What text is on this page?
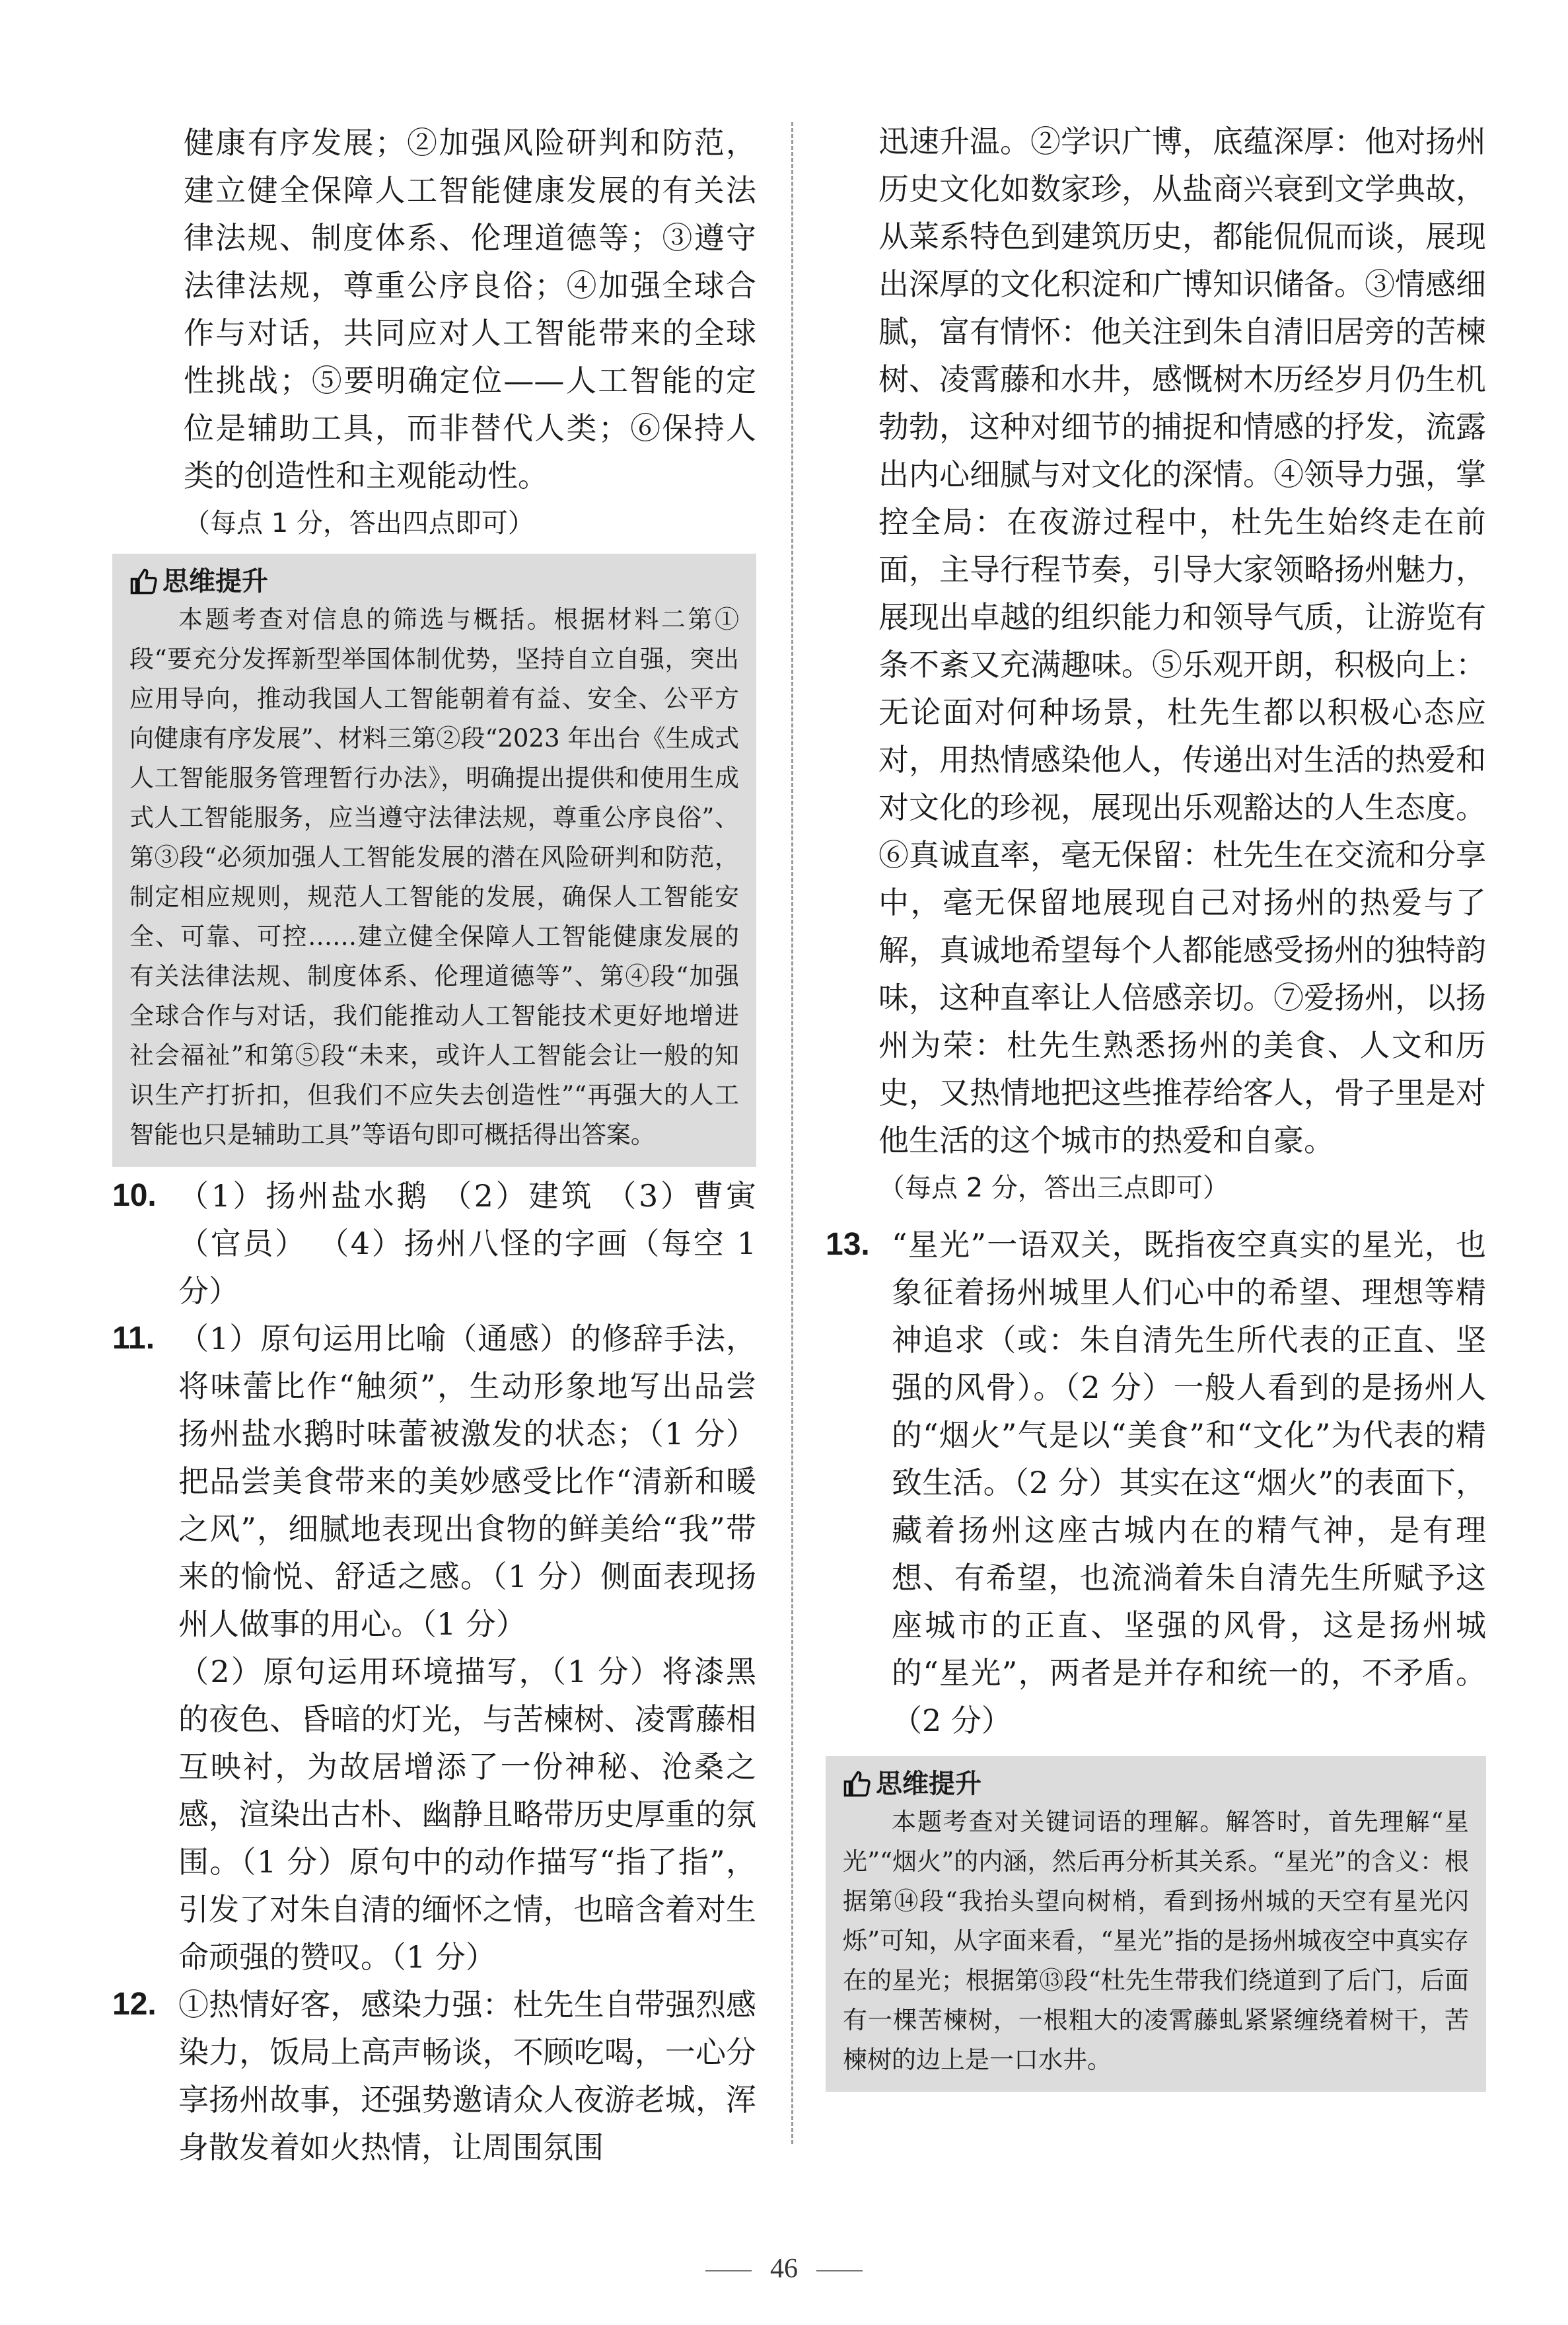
健康有序发展；②加强风险研判和防范，建立健全保障人工智能健康发展的有关法律法规、制度体系、伦理道德等；③遵守法律法规，尊重公序良俗；④加强全球合作与对话，共同应对人工智能带来的全球性挑战；⑤要明确定位——人工智能的定位是辅助工具，而非替代人类；⑥保持人类的创造性和主观能动性。

（每点 1 分，答出四点即可）

思维提升

本题考查对信息的筛选与概括。根据材料二第①段“要充分发挥新型举国体制优势，坚持自立自强，突出应用导向，推动我国人工智能朝着有益、安全、公平方向健康有序发展”、材料三第②段“2023 年出台《生成式人工智能服务管理暂行办法》，明确提出提供和使用生成式人工智能服务，应当遵守法律法规，尊重公序良俗”、第③段“必须加强人工智能发展的潜在风险研判和防范，制定相应规则，规范人工智能的发展，确保人工智能安全、可靠、可控……建立健全保障人工智能健康发展的有关法律法规、制度体系、伦理道德等”、第④段“加强全球合作与对话，我们能推动人工智能技术更好地增进社会福祉”和第⑤段“未来，或许人工智能会让一般的知识生产打折扣，但我们不应失去创造性”“再强大的人工智能也只是辅助工具”等语句即可概括得出答案。

10. （1）扬州盐水鹅 （2）建筑 （3）曹寅（官员） （4）扬州八怪的字画（每空 1 分）

11. （1）原句运用比喻（通感）的修辞手法，将味蕾比作“触须”，生动形象地写出品尝扬州盐水鹅时味蕾被激发的状态；（1 分）把品尝美食带来的美妙感受比作“清新和暖之风”，细腻地表现出食物的鲜美给“我”带来的愉悦、舒适之感。（1 分）侧面表现扬州人做事的用心。（1 分）

（2）原句运用环境描写，（1 分）将漆黑的夜色、昏暗的灯光，与苦楝树、凌霄藤相互映衬，为故居增添了一份神秘、沧桑之感，渲染出古朴、幽静且略带历史厚重的氛围。（1 分）原句中的动作描写“指了指”，引发了对朱自清的缅怀之情，也暗含着对生命顽强的赞叹。（1 分）

12. ①热情好客，感染力强：杜先生自带强烈感染力，饭局上高声畅谈，不顾吃喝，一心分享扬州故事，还强势邀请众人夜游老城，浑身散发着如火热情，让周围氛围

迅速升温。②学识广博，底蕴深厚：他对扬州历史文化如数家珍，从盐商兴衰到文学典故，从菜系特色到建筑历史，都能侃侃而谈，展现出深厚的文化积淀和广博知识储备。③情感细腻，富有情怀：他关注到朱自清旧居旁的苦楝树、凌霄藤和水井，感慨树木历经岁月仍生机勃勃，这种对细节的捕捉和情感的抒发，流露出内心细腻与对文化的深情。④领导力强，掌控全局：在夜游过程中，杜先生始终走在前面，主导行程节奏，引导大家领略扬州魅力，展现出卓越的组织能力和领导气质，让游览有条不紊又充满趣味。⑤乐观开朗，积极向上：无论面对何种场景，杜先生都以积极心态应对，用热情感染他人，传递出对生活的热爱和对文化的珍视，展现出乐观豁达的人生态度。⑥真诚直率，毫无保留：杜先生在交流和分享中，毫无保留地展现自己对扬州的热爱与了解，真诚地希望每个人都能感受扬州的独特韵味，这种直率让人倍感亲切。⑦爱扬州，以扬州为荣：杜先生熟悉扬州的美食、人文和历史，又热情地把这些推荐给客人，骨子里是对他生活的这个城市的热爱和自豪。

（每点 2 分，答出三点即可）

13. “星光”一语双关，既指夜空真实的星光，也象征着扬州城里人们心中的希望、理想等精神追求（或：朱自清先生所代表的正直、坚强的风骨）。（2 分）一般人看到的是扬州人的“烟火”气是以“美食”和“文化”为代表的精致生活。（2 分）其实在这“烟火”的表面下，藏着扬州这座古城内在的精气神，是有理想、有希望，也流淌着朱自清先生所赋予这座城市的正直、坚强的风骨，这是扬州城的“星光”，两者是并存和统一的，不矛盾。（2 分）

思维提升

本题考查对关键词语的理解。解答时，首先理解“星光”“烟火”的内涵，然后再分析其关系。“星光”的含义：根据第⑭段“我抬头望向树梢，看到扬州城的天空有星光闪烁”可知，从字面来看，“星光”指的是扬州城夜空中真实存在的星光；根据第⑬段“杜先生带我们绕道到了后门，后面有一棵苦楝树，一根粗大的凌霄藤虬紧紧缠绕着树干，苦楝树的边上是一口水井。

46
